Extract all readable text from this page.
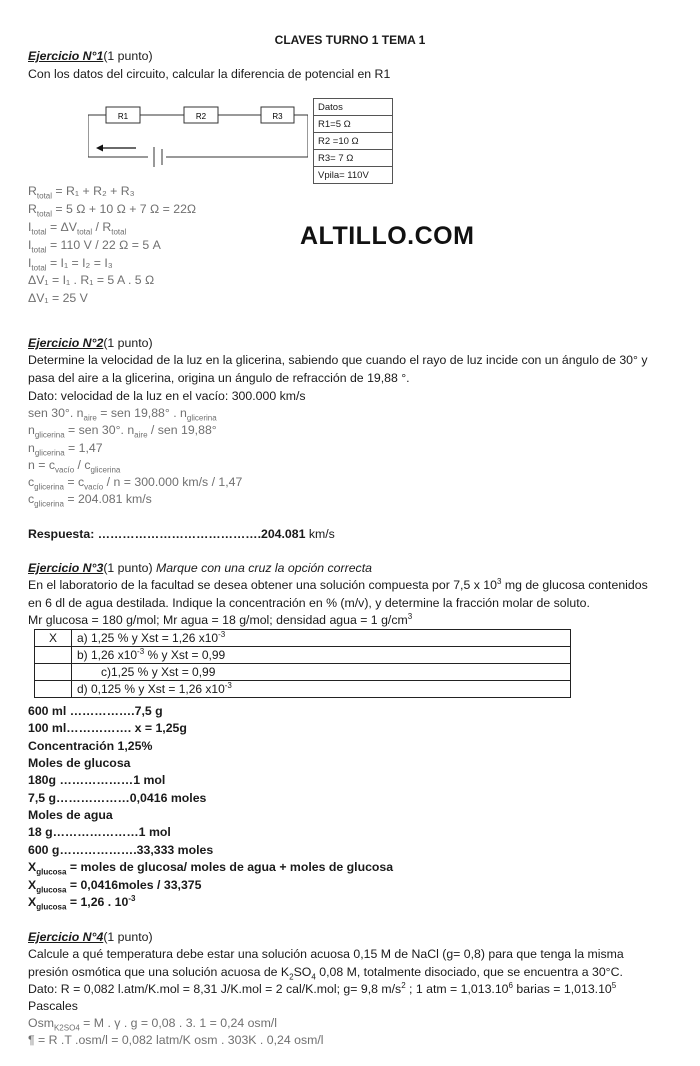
CLAVES TURNO 1 TEMA 1
Ejercicio N°1(1 punto)
Con los datos del circuito, calcular la diferencia de potencial en R1
R1	R2	R3
Datos
R1=5 Ω
R2 =10 Ω
R3= 7 Ω
Vpila= 110V
$R_{total} = R_1 + R_2 + R_3$
$R_{total} = 5$ Ω + 10 Ω + 7 Ω = 22Ω
$I_{total} = \Delta V_{total} / R_{total}$
$I_{total} = 110$ V / 22 Ω = 5 A
$I_{total} = I_1 = I_2 = I_3$
ΔV₁ = I₁ . R₁ = 5 A . 5 Ω
ΔV₁ = 25 V
Ejercicio N°2(1 punto)
Determine la velocidad de la luz en la glicerina, sabiendo que cuando el rayo de luz incide con un ángulo de 30° y
pasa del aire a la glicerina, origina un ángulo de refracción de 19,88 °.
Dato: velocidad de la luz en el vacío: 300.000 km/s
sen 30°. $n_{aire}$ = sen 19,88° . $n_{glicerina}$
$n_{glicerina}$ = sen 30°. $n_{aire}$ / sen 19,88°
$n_{glicerina} = 1,47$
$n = c_{vacío} / c_{glicerina}$
$c_{glicerina} = c_{vacío} / n = 300.000$ km/s / 1,47
$c_{glicerina} = 204.081$ km/s
Respuesta: ………………………………….204.081 km/s
Ejercicio N°3(1 punto) Marque con una cruz la opción correcta
En el laboratorio de la facultad se desea obtener una solución compuesta por 7,5 x $10^3$ mg de glucosa contenidos
en 6 dl de agua destilada. Indique la concentración en % (m/v), y determine la fracción molar de soluto.
Mr glucosa = 180 g/mol; Mr agua = 18 g/mol; densidad agua = 1 $g/cm^3$
X	a) 1,25 % y Xst = 1,26 $x10^{-3}$
	b) 1,26 $x10^{-3}$ % y Xst = 0,99
	c)1,25 % y Xst = 0,99
	d) 0,125 % y Xst = 1,26 $x10^{-3}$
600 ml …………….7,5 g
100 ml……………. x = 1,25g
Concentración 1,25%
Moles de glucosa
180g ………………1 mol
7,5 g………………0,0416 moles
Moles de agua
18 g…………………1 mol
600 g……………….33,333 moles
$X_{glucosa}$ = moles de glucosa/ moles de agua + moles de glucosa
$X_{glucosa}$ = 0,0416moles / 33,375
$X_{glucosa} = 1,26$ . $10^{-3}$
Ejercicio N°4(1 punto)
Calcule a qué temperatura debe estar una solución acuosa 0,15 M de NaCl (g= 0,8) para que tenga la misma
presión osmótica que una solución acuosa de $K_2SO_4$ 0,08 M, totalmente disociado, que se encuentra a 30°C.
Dato: R = 0,082 l.atm/K.mol = 8,31 J/K.mol = 2 cal/K.mol; g= 9,8 $m/s^2$ ; 1 atm = $1,013.10^6$ barias = $1,013.10^5$
Pascales
Osm$_{K2SO4}$ = M . γ . g = 0,08 . 3. 1 = 0,24 osm/l
¶ = R .T .osm/l = 0,082 latm/K osm . 303K . 0,24 osm/l
ALTILLO.COM
